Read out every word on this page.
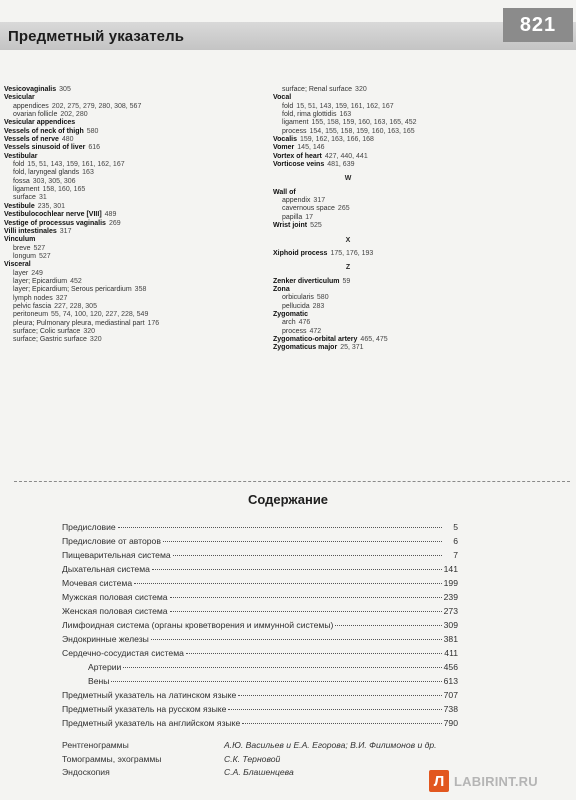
Предметный указатель
821
Vesicovaginalis 305
Vesicular
appendices 202, 275, 279, 280, 308, 567
ovarian follicle 202, 280
Vesicular appendices
Vessels of neck of thigh 580
Vessels of nerve 480
Vessels sinusoid of liver 616
Vestibular
fold 15, 51, 143, 159, 161, 162, 167
fold, laryngeal glands 163
fossa 303, 305, 306
ligament 158, 160, 165
surface 31
Vestibule 235, 301
Vestibulocochlear nerve [VIII] 489
Vestige of processus vaginalis 269
Villi intestinales 317
Vinculum
breve 527
longum 527
Visceral
layer 249
layer; Epicardium 452
layer; Epicardium; Serous pericardium 358
lymph nodes 327
pelvic fascia 227, 228, 305
peritoneum 55, 74, 100, 120, 227, 228, 549
pleura; Pulmonary pleura, mediastinal part 176
surface; Colic surface 320
surface; Gastric surface 320
surface; Renal surface 320
Vocal
fold 15, 51, 143, 159, 161, 162, 167
fold, rima glottidis 163
ligament 155, 158, 159, 160, 163, 165, 452
process 154, 155, 158, 159, 160, 163, 165
Vocalis 159, 162, 163, 166, 168
Vomer 145, 146
Vortex of heart 427, 440, 441
Vorticose veins 481, 639
W
Wall of
appendix 317
cavernous space 265
papilla 17
Wrist joint 525
X
Xiphoid process 175, 176, 193
Z
Zenker diverticulum 59
Zona
orbicularis 580
pellucida 283
Zygomatic
arch 476
process 472
Zygomatico-orbital artery 465, 475
Zygomaticus major 25, 371
Содержание
Предисловие	5
Предисловие от авторов	6
Пищеварительная система	7
Дыхательная система	141
Мочевая система	199
Мужская половая система	239
Женская половая система	273
Лимфоидная система (органы кроветворения и иммунной системы)	309
Эндокринные железы	381
Сердечно-сосудистая система	411
Артерии	456
Вены	613
Предметный указатель на латинском языке	707
Предметный указатель на русском языке	738
Предметный указатель на английском языке	790
Рентгенограммы	А.Ю. Васильев и Е.А. Егорова; В.И. Филимонов и др.
Томограммы, эхограммы	С.К. Терновой
Эндоскопия	С.А. Блашенцева
Л LABIRINT.RU
